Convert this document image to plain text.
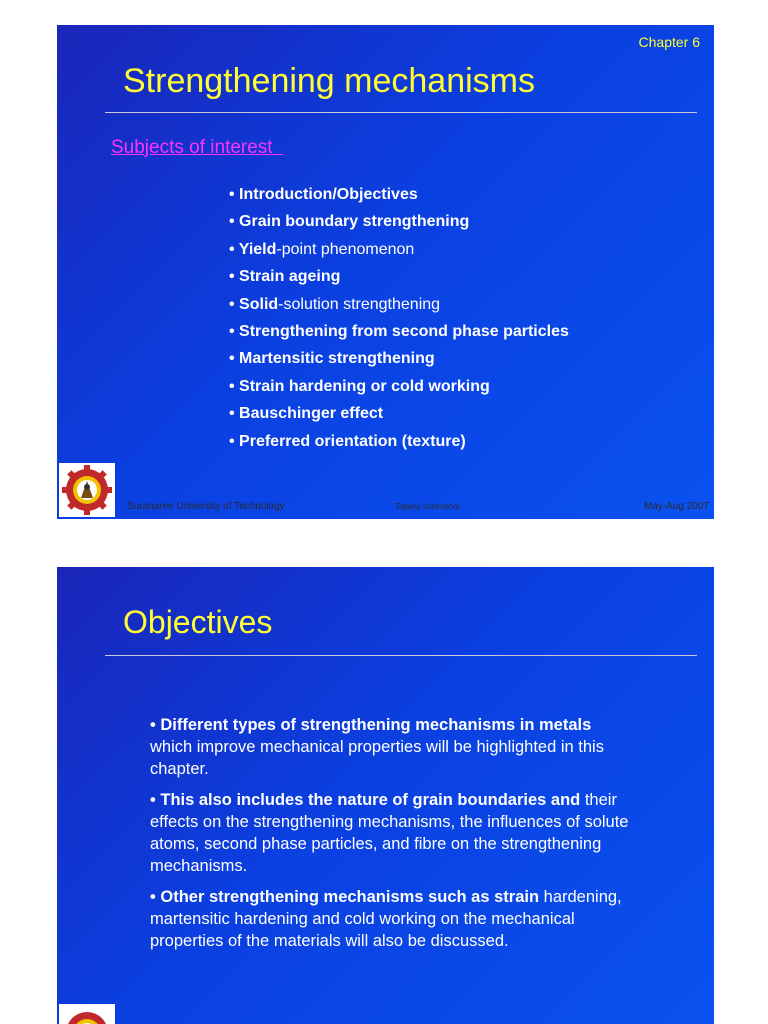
Chapter 6
Strengthening mechanisms
Subjects of interest
• Introduction/Objectives
• Grain boundary strengthening
• Yield-point phenomenon
• Strain ageing
• Solid-solution strengthening
• Strengthening from second phase particles
• Martensitic strengthening
• Strain hardening or cold working
• Bauschinger effect
• Preferred orientation (texture)
Suranaree University of Technology	Tapany Udomphol	May-Aug 2007
Objectives
• Different types of strengthening mechanisms in metals which improve mechanical properties will be highlighted in this chapter.
• This also includes the nature of grain boundaries and their effects on the strengthening mechanisms, the influences of solute atoms, second phase particles, and fibre on the strengthening mechanisms.
• Other strengthening mechanisms such as strain hardening, martensitic hardening and cold working on the mechanical properties of the materials will also be discussed.
